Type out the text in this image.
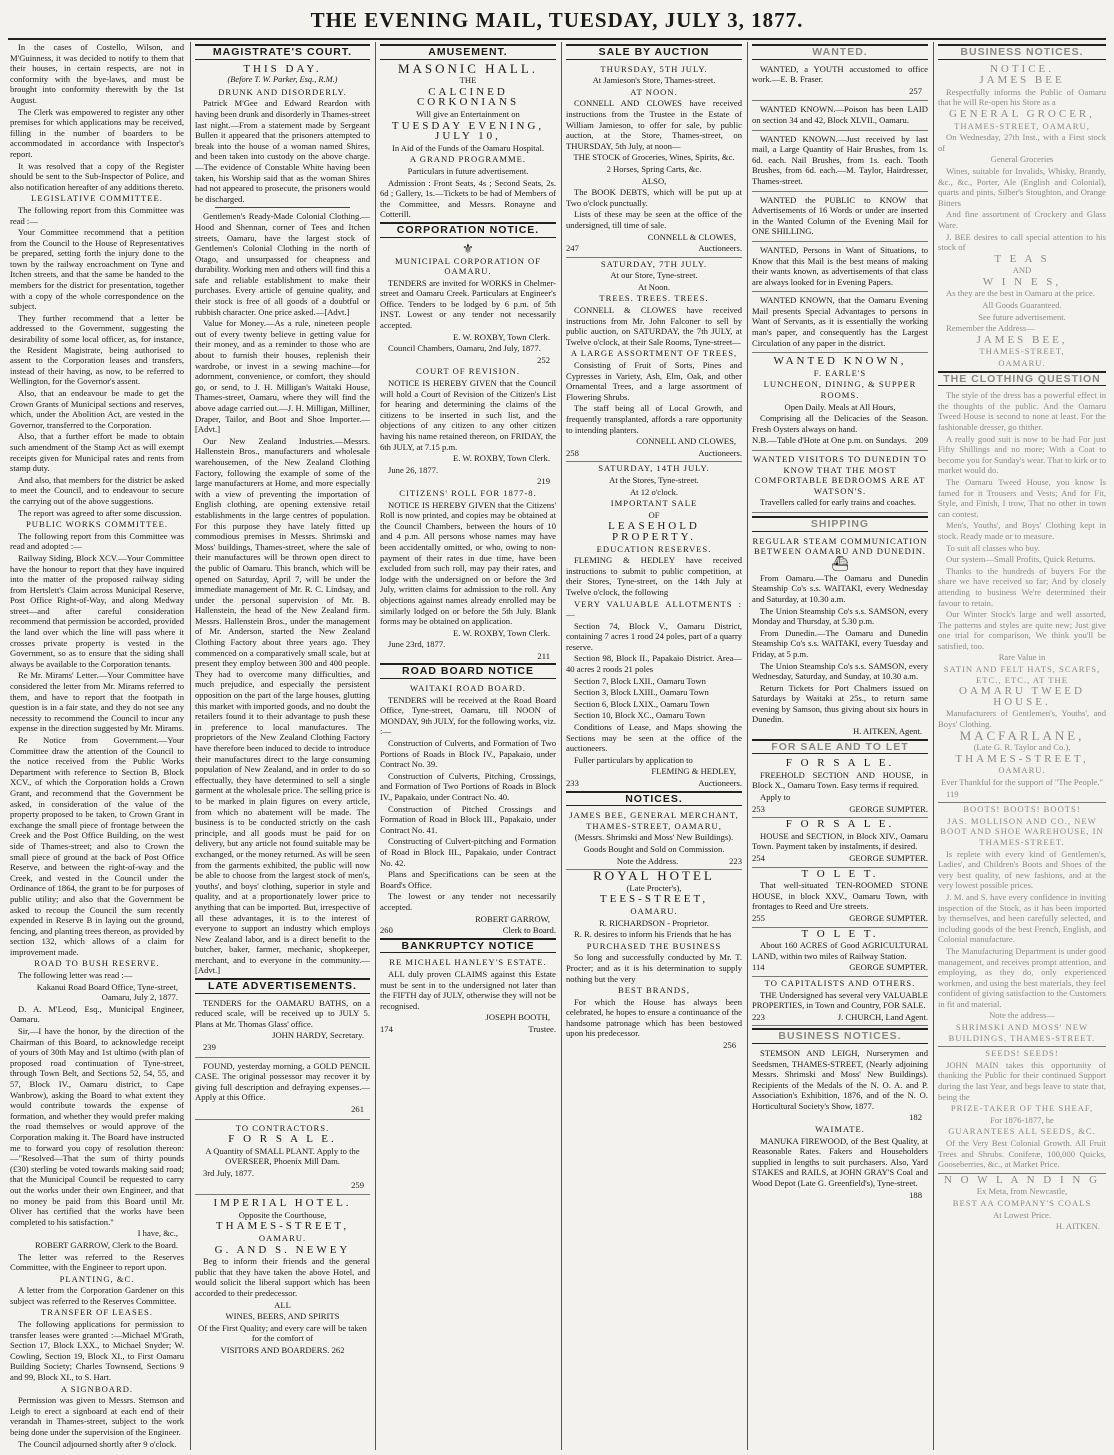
THE EVENING MAIL, TUESDAY, JULY 3, 1877.

In the cases of Costello, Wilson, and M'Guinness, it was decided to notify to them that their houses, in certain respects, are not in conformity with the bye-laws, and must be brought into conformity therewith by the 1st August.

The Clerk was empowered to register any other premises for which applications may be received, filling in the number of boarders to be accommodated in accordance with Inspector's report.

It was resolved that a copy of the Register should be sent to the Sub-Inspector of Police, and also notification hereafter of any additions thereto.

LEGISLATIVE COMMITTEE.

The following report from this Committee was read :—

Your Committee recommend that a petition from the Council to the House of Representatives be prepared, setting forth the injury done to the town by the railway encroachment on Tyne and Itchen streets, and that the same be handed to the members for the district for presentation, together with a copy of the whole correspondence on the subject.

They further recommend that a letter be addressed to the Government, suggesting the desirability of some local officer, as, for instance, the Resident Magistrate, being authorised to assent to the Corporation leases and transfers, instead of their having, as now, to be referred to Wellington, for the Governor's assent.

Also, that an endeavour be made to get the Crown Grants of Municipal sections and reserves, which, under the Abolition Act, are vested in the Governor, transferred to the Corporation.

Also, that a further effort be made to obtain such amendment of the Stamp Act as will exempt receipts given for Municipal rates and rents from stamp duty.

And also, that members for the district be asked to meet the Council, and to endeavour to secure the carrying out of the above suggestions.

The report was agreed to after some discussion.

PUBLIC WORKS COMMITTEE.

The following report from this Committee was read and adopted :—

Railway Siding, Block XCV.—Your Committee have the honour to report that they have inquired into the matter of the proposed railway siding from Hertslett's Claim across Municipal Reserve, Post Office Right-of-Way, and along Medway street—and after careful consideration recommend that permission be accorded, provided the land over which the line will pass where it crosses private property is vested in the Government, so as to ensure that the siding shall always be available to the Corporation tenants.

Re Mr. Mirams' Letter.—Your Committee have considered the letter from Mr. Mirams referred to them, and have to report that the footpath in question is in a fair state, and they do not see any necessity to recommend the Council to incur any expense in the direction suggested by Mr. Mirams.

Re Notice from Government.—Your Committee draw the attention of the Council to the notice received from the Public Works Department with reference to Section B, Block XCV., of which the Corporation holds a Crown Grant, and recommend that the Government be asked, in consideration of the value of the property proposed to be taken, to Crown Grant in exchange the small piece of frontage between the Creek and the Post Office Building, on the west side of Thames-street; and also to Crown the small piece of ground at the back of Post Office Reserve, and between the right-of-way and the Creek, and vested in the Council under the Ordinance of 1864, the grant to be for purposes of public utility; and also that the Government be asked to recoup the Council the sum recently expended in Reserve B in laying out the ground, fencing, and planting trees thereon, as provided by section 132, which allows of a claim for improvement made.

ROAD TO BUSH RESERVE.

The following letter was read :—

Kakanui Road Board Office, Tyne-street, Oamaru, July 2, 1877.

D. A. M'Leod, Esq., Municipal Engineer, Oamaru.

Sir,—I have the honor, by the direction of the Chairman of this Board, to acknowledge receipt of yours of 30th May and 1st ultimo (with plan of proposed road continuation of Tyne-street, through Town Belt, and Sections 52, 54, 55, and 57, Block IV., Oamaru district, to Cape Wanbrow), asking the Board to what extent they would contribute towards the expense of formation, and whether they would prefer making the road themselves or would approve of the Corporation making it. The Board have instructed me to forward you copy of resolution thereon:—"Resolved—That the sum of thirty pounds (£30) sterling be voted towards making said road; that the Municipal Council be requested to carry out the works under their own Engineer, and that no money be paid from this Board until Mr. Oliver has certified that the works have been completed to his satisfaction."

I have, &c.,

ROBERT GARROW, Clerk to the Board.

The letter was referred to the Reserves Committee, with the Engineer to report upon.

PLANTING, &C.

A letter from the Corporation Gardener on this subject was referred to the Reserves Committee.

TRANSFER OF LEASES.

The following applications for permission to transfer leases were granted :—Michael M'Grath, Section 17, Block LXX., to Michael Snyder; W. Cowling, Section 19, Block XI., to First Oamaru Building Society; Charles Townsend, Sections 9 and 99, Block XI., to S. Hart.

A SIGNBOARD.

Permission was given to Messrs. Stemson and Leigh to erect a signboard at each end of their verandah in Thames-street, subject to the work being done under the supervision of the Engineer.

The Council adjourned shortly after 9 o'clock.

MAGISTRATE'S COURT.

THIS DAY.

(Before T. W. Parker, Esq., R.M.)

DRUNK AND DISORDERLY.

Patrick M'Gee and Edward Reardon with having been drunk and disorderly in Thames-street last night.—From a statement made by Sergeant Bullen it appeared that the prisoners attempted to break into the house of a woman named Shires, and been taken into custody on the above charge.—The evidence of Constable White having been taken, his Worship said that as the woman Shires had not appeared to prosecute, the prisoners would be discharged.

Gentlemen's Ready-Made Colonial Clothing.—Hood and Shennan, corner of Tees and Itchen streets, Oamaru, have the largest stock of Gentlemen's Colonial Clothing in the north of Otago, and unsurpassed for cheapness and durability. Working men and others will find this a safe and reliable establishment to make their purchases. Every article of genuine quality, and their stock is free of all goods of a doubtful or rubbish character. One price asked.—[Advt.]

Value for Money.—As a rule, nineteen people out of every twenty believe in getting value for their money, and as a reminder to those who are about to furnish their houses, replenish their wardrobe, or invest in a sewing machine—for adornment, convenience, or comfort, they should go, or send, to J. H. Milligan's Waitaki House, Thames-street, Oamaru, where they will find the above adage carried out.—J. H. Milligan, Milliner, Draper, Tailor, and Boot and Shoe Importer.—[Advt.]

Our New Zealand Industries.—Messrs. Hallenstein Bros., manufacturers and wholesale warehousemen, of the New Zealand Clothing Factory, following the example of some of the large manufacturers at Home, and more especially with a view of preventing the importation of English clothing, are opening extensive retail establishments in the large centres of population. For this purpose they have lately fitted up commodious premises in Messrs. Shrimski and Moss' buildings, Thames-street, where the sale of their manufactures will be thrown open direct to the public of Oamaru. This branch, which will be opened on Saturday, April 7, will be under the immediate management of Mr. R. C. Lindsay, and under the personal supervision of Mr. B. Hallenstein, the head of the New Zealand firm. Messrs. Hallenstein Bros., under the management of Mr. Anderson, started the New Zealand Clothing Factory about three years ago. They commenced on a comparatively small scale, but at present they employ between 300 and 400 people. They had to overcome many difficulties, and much prejudice, and especially the persistent opposition on the part of the large houses, glutting this market with imported goods, and no doubt the retailers found it to their advantage to push these in preference to local manufactures. The proprietors of the New Zealand Clothing Factory have therefore been induced to decide to introduce their manufactures direct to the large consuming population of New Zealand, and in order to do so effectually, they have determined to sell a single garment at the wholesale price. The selling price is to be marked in plain figures on every article, from which no abatement will be made. The business is to be conducted strictly on the cash principle, and all goods must be paid for on delivery, but any article not found suitable may be exchanged, or the money returned. As will be seen from the garments exhibited, the public will now be able to choose from the largest stock of men's, youths', and boys' clothing, superior in style and quality, and at a proportionately lower price to anything that can be imported. But, irrespective of all these advantages, it is to the interest of everyone to support an industry which employs New Zealand labor, and is a direct benefit to the butcher, baker, farmer, mechanic, shopkeeper, merchant, and to everyone in the community.—[Advt.]

LATE ADVERTISEMENTS.

TENDERS for the OAMARU BATHS, on a reduced scale, will be received up to JULY 5. Plans at Mr. Thomas Glass' office.

JOHN HARDY, Secretary.

239

FOUND, yesterday morning, a GOLD PENCIL CASE. The original possessor may recover it by giving full description and defraying expenses.—Apply at this Office.

261

TO CONTRACTORS.

F O R S A L E.

A Quantity of SMALL PLANT. Apply to the OVERSEER, Phoenix Mill Dam.

3rd July, 1877.

259

IMPERIAL HOTEL.

Opposite the Courthouse,

THAMES-STREET,

OAMARU.

G. AND S. NEWEY

Beg to inform their friends and the general public that they have taken the above Hotel, and would solicit the liberal support which has been accorded to their predecessor.

ALL

WINES, BEERS, AND SPIRITS

Of the First Quality; and every care will be taken for the comfort of

VISITORS AND BOARDERS. 262

AMUSEMENT.

MASONIC HALL.

THE

CALCINED CORKONIANS

Will give an Entertainment on

TUESDAY EVENING, JULY 10,

In Aid of the Funds of the Oamaru Hospital.

A GRAND PROGRAMME.

Particulars in future advertisement.

Admission : Front Seats, 4s ; Second Seats, 2s. 6d ; Gallery, 1s.—Tickets to be had of Members of the Committee, and Messrs. Ronayne and Cotterill.

CORPORATION NOTICE.

⚜

MUNICIPAL CORPORATION OF OAMARU.

TENDERS are invited for WORKS in Chelmer-street and Oamaru Creek. Particulars at Engineer's Office. Tenders to be lodged by 6 p.m. of 5th INST. Lowest or any tender not necessarily accepted.

E. W. ROXBY, Town Clerk.

Council Chambers, Oamaru, 2nd July, 1877.

252

COURT OF REVISION.

NOTICE IS HEREBY GIVEN that the Council will hold a Court of Revision of the Citizen's List for hearing and determining the claims of the citizens to be inserted in such list, and the objections of any citizen to any other citizen having his name retained thereon, on FRIDAY, the 6th JULY, at 7.15 p.m.

E. W. ROXBY, Town Clerk.

June 26, 1877.

219

CITIZENS' ROLL FOR 1877-8.

NOTICE IS HEREBY GIVEN that the Citizens' Roll is now printed, and copies may be obtained at the Council Chambers, between the hours of 10 and 4 p.m. All persons whose names may have been accidentally omitted, or who, owing to non-payment of their rates in due time, have been excluded from such roll, may pay their rates, and lodge with the undersigned on or before the 3rd July, written claims for admission to the roll. Any objections against names already enrolled may be similarly lodged on or before the 5th July. Blank forms may be obtained on application.

E. W. ROXBY, Town Clerk.

June 23rd, 1877.

211

ROAD BOARD NOTICE

WAITAKI ROAD BOARD.

TENDERS will be received at the Road Board Office, Tyne-street, Oamaru, till NOON of MONDAY, 9th JULY, for the following works, viz. :—

Construction of Culverts, and Formation of Two Portions of Roads in Block IV., Papakaio, under Contract No. 39.

Construction of Culverts, Pitching, Crossings, and Formation of Two Portions of Roads in Block IV., Papakaio, under Contract No. 40.

Construction of Pitched Crossings and Formation of Road in Block III., Papakaio, under Contract No. 41.

Constructing of Culvert-pitching and Formation of Road in Block III., Papakaio, under Contract No. 42.

Plans and Specifications can be seen at the Board's Office.

The lowest or any tender not necessarily accepted.

ROBERT GARROW,

260	Clerk to Board.

BANKRUPTCY NOTICE

RE MICHAEL HANLEY'S ESTATE.

ALL duly proven CLAIMS against this Estate must be sent in to the undersigned not later than the FIFTH day of JULY, otherwise they will not be recognised.

JOSEPH BOOTH,

174	Trustee.

SALE BY AUCTION

THURSDAY, 5TH JULY.

At Jamieson's Store, Thames-street.

AT NOON.

CONNELL AND CLOWES have received instructions from the Trustee in the Estate of William Jamieson, to offer for sale, by public auction, at the Store, Thames-street, on THURSDAY, 5th July, at noon—

THE STOCK of Groceries, Wines, Spirits, &c.

2 Horses, Spring Carts, &c.

ALSO,

The BOOK DEBTS, which will be put up at Two o'clock punctually.

Lists of these may be seen at the office of the undersigned, till time of sale.

CONNELL & CLOWES,

247	Auctioneers.

SATURDAY, 7TH JULY.

At our Store, Tyne-street.

At Noon.

TREES. TREES. TREES.

CONNELL & CLOWES have received instructions from Mr. John Falconer to sell by public auction, on SATURDAY, the 7th JULY, at Twelve o'clock, at their Sale Rooms, Tyne-street—

A LARGE ASSORTMENT OF TREES,

Consisting of Fruit of Sorts, Pines and Cypresses in Variety, Ash, Elm, Oak, and other Ornamental Trees, and a large assortment of Flowering Shrubs.

The staff being all of Local Growth, and frequently transplanted, affords a rare opportunity to intending planters.

CONNELL AND CLOWES,

258	Auctioneers.

SATURDAY, 14TH JULY.

At the Stores, Tyne-street.

At 12 o'clock.

IMPORTANT SALE

OF

LEASEHOLD PROPERTY.

EDUCATION RESERVES.

FLEMING & HEDLEY have received instructions to submit to public competition, at their Stores, Tyne-street, on the 14th July at Twelve o'clock, the following

VERY VALUABLE ALLOTMENTS :—

Section 74, Block V., Oamaru District, containing 7 acres 1 rood 24 poles, part of a quarry reserve.

Section 98, Block II., Papakaio District. Area—40 acres 2 roods 21 poles

Section 7, Block LXII., Oamaru Town

Section 3, Block LXIII., Oamaru Town

Section 6, Block LXIX., Oamaru Town

Section 10, Block XC., Oamaru Town

Conditions of Lease, and Maps showing the Sections may be seen at the office of the auctioneers.

Fuller particulars by application to

FLEMING & HEDLEY,

233	Auctioneers.

NOTICES.

JAMES BEE, GENERAL MERCHANT, THAMES-STREET, OAMARU,

(Messrs. Shrimski and Moss' New Buildings).

Goods Bought and Sold on Commission.

Note the Address.	223

ROYAL HOTEL

(Late Procter's),

TEES-STREET,

OAMARU.

R. RICHARDSON - Proprietor.

R. R. desires to inform his Friends that he has

PURCHASED THE BUSINESS

So long and successfully conducted by Mr. T. Procter; and as it is his determination to supply nothing but the very

BEST BRANDS,

For which the House has always been celebrated, he hopes to ensure a continuance of the handsome patronage which has been bestowed upon his predecessor.

256

WANTED.

WANTED, a YOUTH accustomed to office work.—E. B. Fraser.

257

WANTED KNOWN.—Poison has been LAID on section 34 and 42, Block XLVII., Oamaru.

WANTED KNOWN.—Just received by last mail, a Large Quantity of Hair Brushes, from 1s. 6d. each. Nail Brushes, from 1s. each. Tooth Brushes, from 6d. each.—M. Taylor, Hairdresser, Thames-street.

WANTED the PUBLIC to KNOW that Advertisements of 16 Words or under are inserted in the Wanted Column of the Evening Mail for ONE SHILLING.

WANTED, Persons in Want of Situations, to Know that this Mail is the best means of making their wants known, as advertisements of that class are always looked for in Evening Papers.

WANTED KNOWN, that the Oamaru Evening Mail presents Special Advantages to persons in Want of Servants, as it is essentially the working man's paper, and consequently has the Largest Circulation of any paper in the district.

WANTED KNOWN,

F. EARLE'S

LUNCHEON, DINING, & SUPPER ROOMS.

Open Daily. Meals at All Hours,

Comprising all the Delicacies of the Season. Fresh Oysters always on hand.

N.B.—Table d'Hote at One p.m. on Sundays. 209

WANTED VISITORS TO DUNEDIN TO KNOW THAT THE MOST COMFORTABLE BEDROOMS ARE AT WATSON'S.

Travellers called for early trains and coaches.

SHIPPING

REGULAR STEAM COMMUNICATION BETWEEN OAMARU AND DUNEDIN.

⛴

From Oamaru.—The Oamaru and Dunedin Steamship Co's s.s. WAITAKI, every Wednesday and Saturday, at 10.30 a.m.

The Union Steamship Co's s.s. SAMSON, every Monday and Thursday, at 5.30 p.m.

From Dunedin.—The Oamaru and Dunedin Steamship Co's s.s. WAITAKI, every Tuesday and Friday, at 5 p.m.

The Union Steamship Co's s.s. SAMSON, every Wednesday, Saturday, and Sunday, at 10.30 a.m.

Return Tickets for Port Chalmers issued on Saturdays by Waitaki at 25s., to return same evening by Samson, thus giving about six hours in Dunedin.

H. AITKEN, Agent.

FOR SALE AND TO LET

F O R S A L E.

FREEHOLD SECTION AND HOUSE, in Block X., Oamaru Town. Easy terms if required.

Apply to

253	GEORGE SUMPTER.

F O R S A L E.

HOUSE and SECTION, in Block XIV., Oamaru Town. Payment taken by instalments, if desired.

254	GEORGE SUMPTER.

T O L E T.

That well-situated TEN-ROOMED STONE HOUSE, in block XXV., Oamaru Town, with frontages to Reed and Ure streets.

255	GEORGE SUMPTER.

T O L E T.

About 160 ACRES of Good AGRICULTURAL LAND, within two miles of Railway Station.

114	GEORGE SUMPTER.

TO CAPITALISTS AND OTHERS.

THE Undersigned has several very VALUABLE PROPERTIES, in Town and Country, FOR SALE.

223	J. CHURCH, Land Agent.

BUSINESS NOTICES.

STEMSON AND LEIGH, Nurserymen and Seedsmen, THAMES-STREET, (Nearly adjoining Messrs. Shrimski and Moss' New Buildings). Recipients of the Medals of the N. O. A. and P. Association's Exhibition, 1876, and of the N. O. Horticultural Society's Show, 1877.

182

WAIMATE.

MANUKA FIREWOOD, of the Best Quality, at Reasonable Rates. Fakers and Householders supplied in lengths to suit purchasers. Also, Yard STAKES and RAILS, at JOHN GRAY'S Coal and Wood Depot (Late G. Greenfield's), Tyne-street.

188

BUSINESS NOTICES.

NOTICE.

JAMES BEE

Respectfully informs the Public of Oamaru that he will Re-open his Store as a

GENERAL GROCER,

THAMES-STREET, OAMARU,

On Wednesday, 27th Inst., with a First stock of

General Groceries

Wines, suitable for Invalids, Whisky, Brandy, &c., &c., Porter, Ale (English and Colonial), quarts and pints, Silber's Stoughton, and Orange Bitters

And fine assortment of Crockery and Glass Ware.

J. BEE desires to call special attention to his stock of

T E A S

AND

W I N E S,

As they are the best in Oamaru at the price.

All Goods Guaranteed.

See future advertisement.

Remember the Address—

JAMES BEE,

THAMES-STREET,

OAMARU.

THE CLOTHING QUESTION

The style of the dress has a powerful effect in the thoughts of the public. And the Oamaru Tweed House is second to none at least. For the fashionable dresser, go thither.

A really good suit is now to be had For just Fifty Shillings and no more; With a Coat to become you for Sunday's wear. That to kirk or to market would do.

The Oamaru Tweed House, you know Is famed for it Trousers and Vests; And for Fit, Style, and Finish, I trow, That no other in town can contest.

Men's, Youths', and Boys' Clothing kept in stock. Ready made or to measure.

To suit all classes who buy.

Our system—Small Profits, Quick Returns.

Thanks to the hundreds of buyers For the share we have received so far; And by closely attending to business We're determined their favour to retain.

Our Winter Stock's large and well assorted, The patterns and styles are quite new; Just give one trial for comparison, We think you'll be satisfied, too.

Rare Value in

SATIN AND FELT HATS, SCARFS, ETC., ETC., AT THE

OAMARU TWEED HOUSE.

Manufacturers of Gentlemen's, Youths', and Boys' Clothing.

MACFARLANE,

(Late G. R. Taylor and Co.),

THAMES-STREET,

OAMARU.

Ever Thankful for the support of "The People."

119

BOOTS! BOOTS! BOOTS!

JAS. MOLLISON AND CO., NEW BOOT AND SHOE WAREHOUSE, IN THAMES-STREET.

Is replete with every kind of Gentlemen's, Ladies', and Children's Boots and Shoes of the very best quality, of new fashions, and at the very lowest possible prices.

J. M. and S. have every confidence in inviting inspection of the Stock, as it has been imported by themselves, and been carefully selected, and including goods of the best French, English, and Colonial manufacture.

The Manufacturing Department is under good management, and receives prompt attention, and employing, as they do, only experienced workmen, and using the best materials, they feel confident of giving satisfaction to the Customers in fit and material.

Note the address—

SHRIMSKI AND MOSS' NEW BUILDINGS, THAMES-STREET.

SEEDS! SEEDS!

JOHN MAIN takes this opportunity of thanking the Public for their continued Support during the last Year, and begs leave to state that, being the

PRIZE-TAKER OF THE SHEAF,

For 1876-1877, he

GUARANTEES ALL SEEDS, &C.

Of the Very Best Colonial Growth. All Fruit Trees and Shrubs. Coniferæ, 100,000 Quicks, Gooseberries, &c., at Market Price.

N O W L A N D I N G

Ex Meta, from Newcastle,

BEST AA COMPANY'S COALS

At Lowest Price.

H. AITKEN.
